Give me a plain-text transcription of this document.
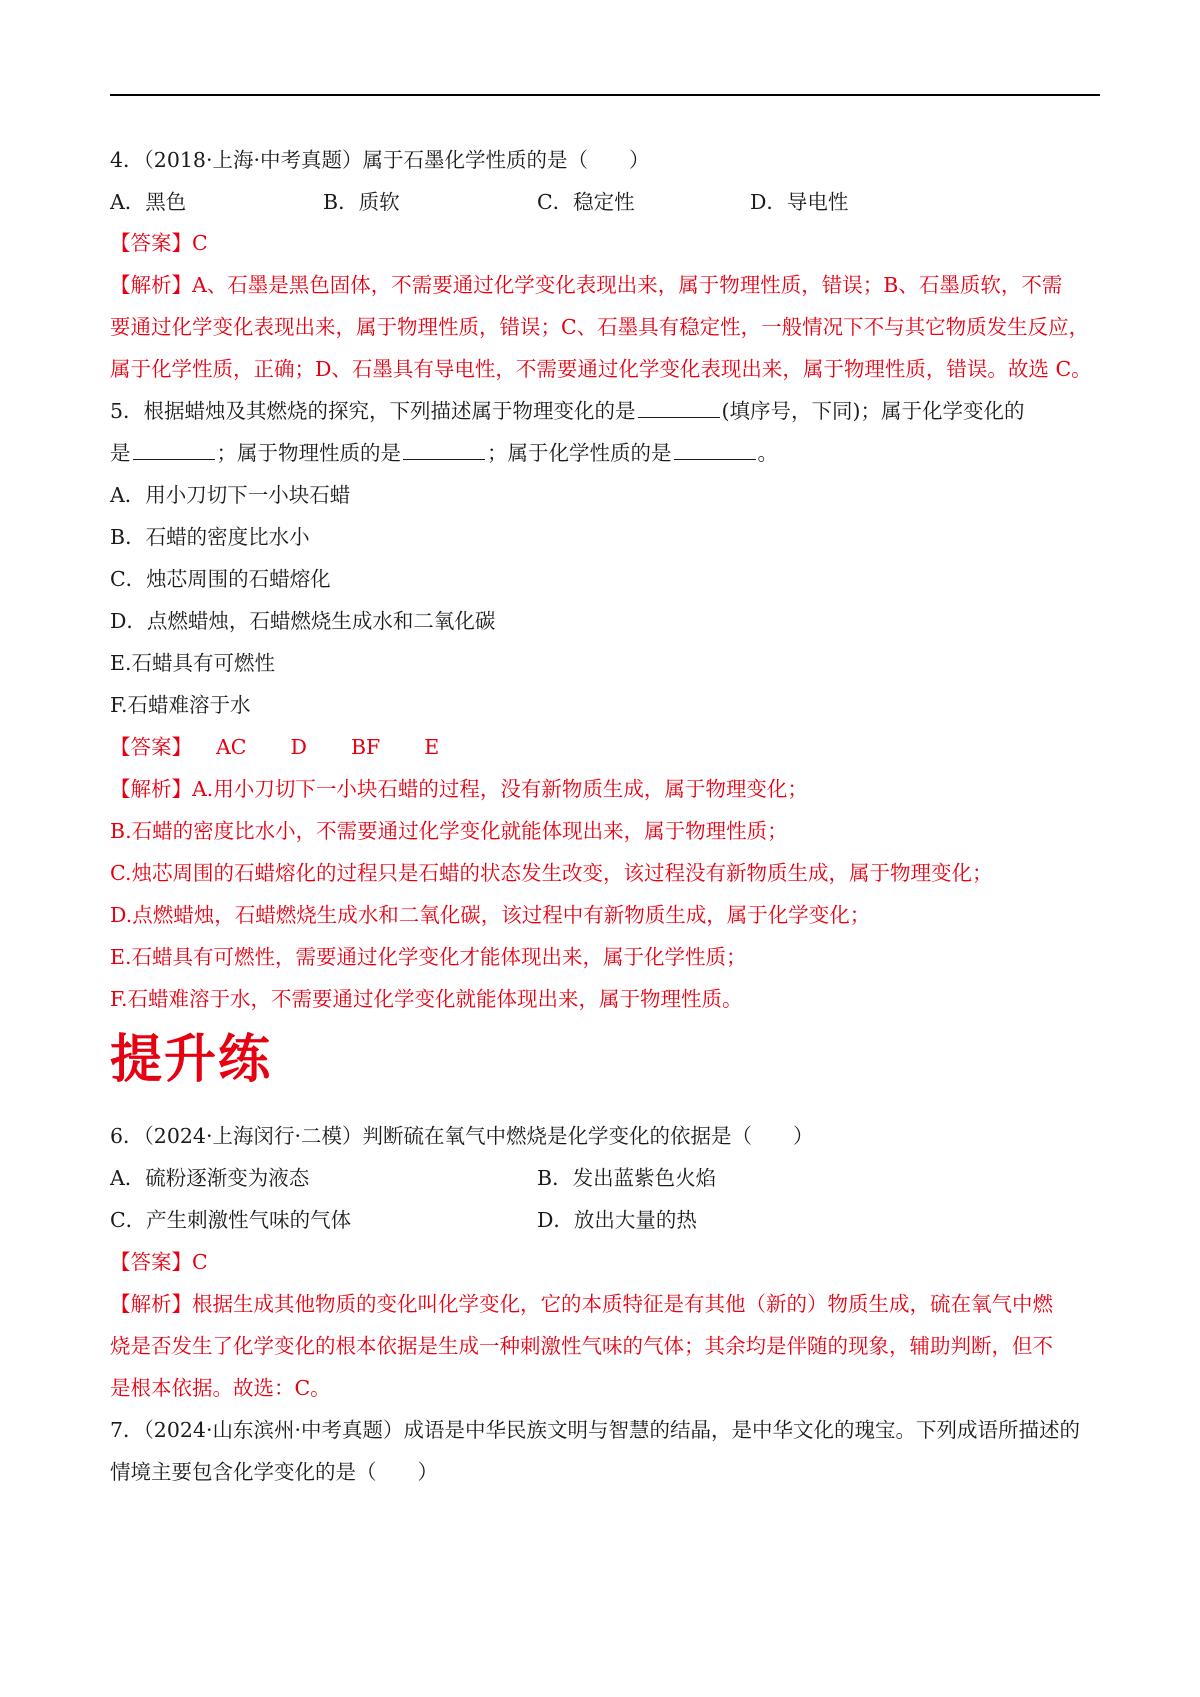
4．（2018·上海·中考真题）属于石墨化学性质的是（　　）
A．黑色	B．质软	C．稳定性	D．导电性
【答案】C
【解析】A、石墨是黑色固体，不需要通过化学变化表现出来，属于物理性质，错误；B、石墨质软，不需
要通过化学变化表现出来，属于物理性质，错误；C、石墨具有稳定性，一般情况下不与其它物质发生反应，
属于化学性质，正确；D、石墨具有导电性，不需要通过化学变化表现出来，属于物理性质，错误。故选 C。
5．根据蜡烛及其燃烧的探究，下列描述属于物理变化的是	(填序号，下同)；属于化学变化的
是	；属于物理性质的是	；属于化学性质的是	。
A．用小刀切下一小块石蜡
B．石蜡的密度比水小
C．烛芯周围的石蜡熔化
D．点燃蜡烛，石蜡燃烧生成水和二氧化碳
E.石蜡具有可燃性
F.石蜡难溶于水
【答案】 AC D BF E
【解析】A.用小刀切下一小块石蜡的过程，没有新物质生成，属于物理变化；
B.石蜡的密度比水小，不需要通过化学变化就能体现出来，属于物理性质；
C.烛芯周围的石蜡熔化的过程只是石蜡的状态发生改变，该过程没有新物质生成，属于物理变化；
D.点燃蜡烛，石蜡燃烧生成水和二氧化碳，该过程中有新物质生成，属于化学变化；
E.石蜡具有可燃性，需要通过化学变化才能体现出来，属于化学性质；
F.石蜡难溶于水，不需要通过化学变化就能体现出来，属于物理性质。
提升练
6．（2024·上海闵行·二模）判断硫在氧气中燃烧是化学变化的依据是（　　）
A．硫粉逐渐变为液态	B．发出蓝紫色火焰
C．产生刺激性气味的气体	D．放出大量的热
【答案】C
【解析】根据生成其他物质的变化叫化学变化，它的本质特征是有其他（新的）物质生成，硫在氧气中燃
烧是否发生了化学变化的根本依据是生成一种刺激性气味的气体；其余均是伴随的现象，辅助判断，但不
是根本依据。故选：C。
7．（2024·山东滨州·中考真题）成语是中华民族文明与智慧的结晶，是中华文化的瑰宝。下列成语所描述的
情境主要包含化学变化的是（　　）
